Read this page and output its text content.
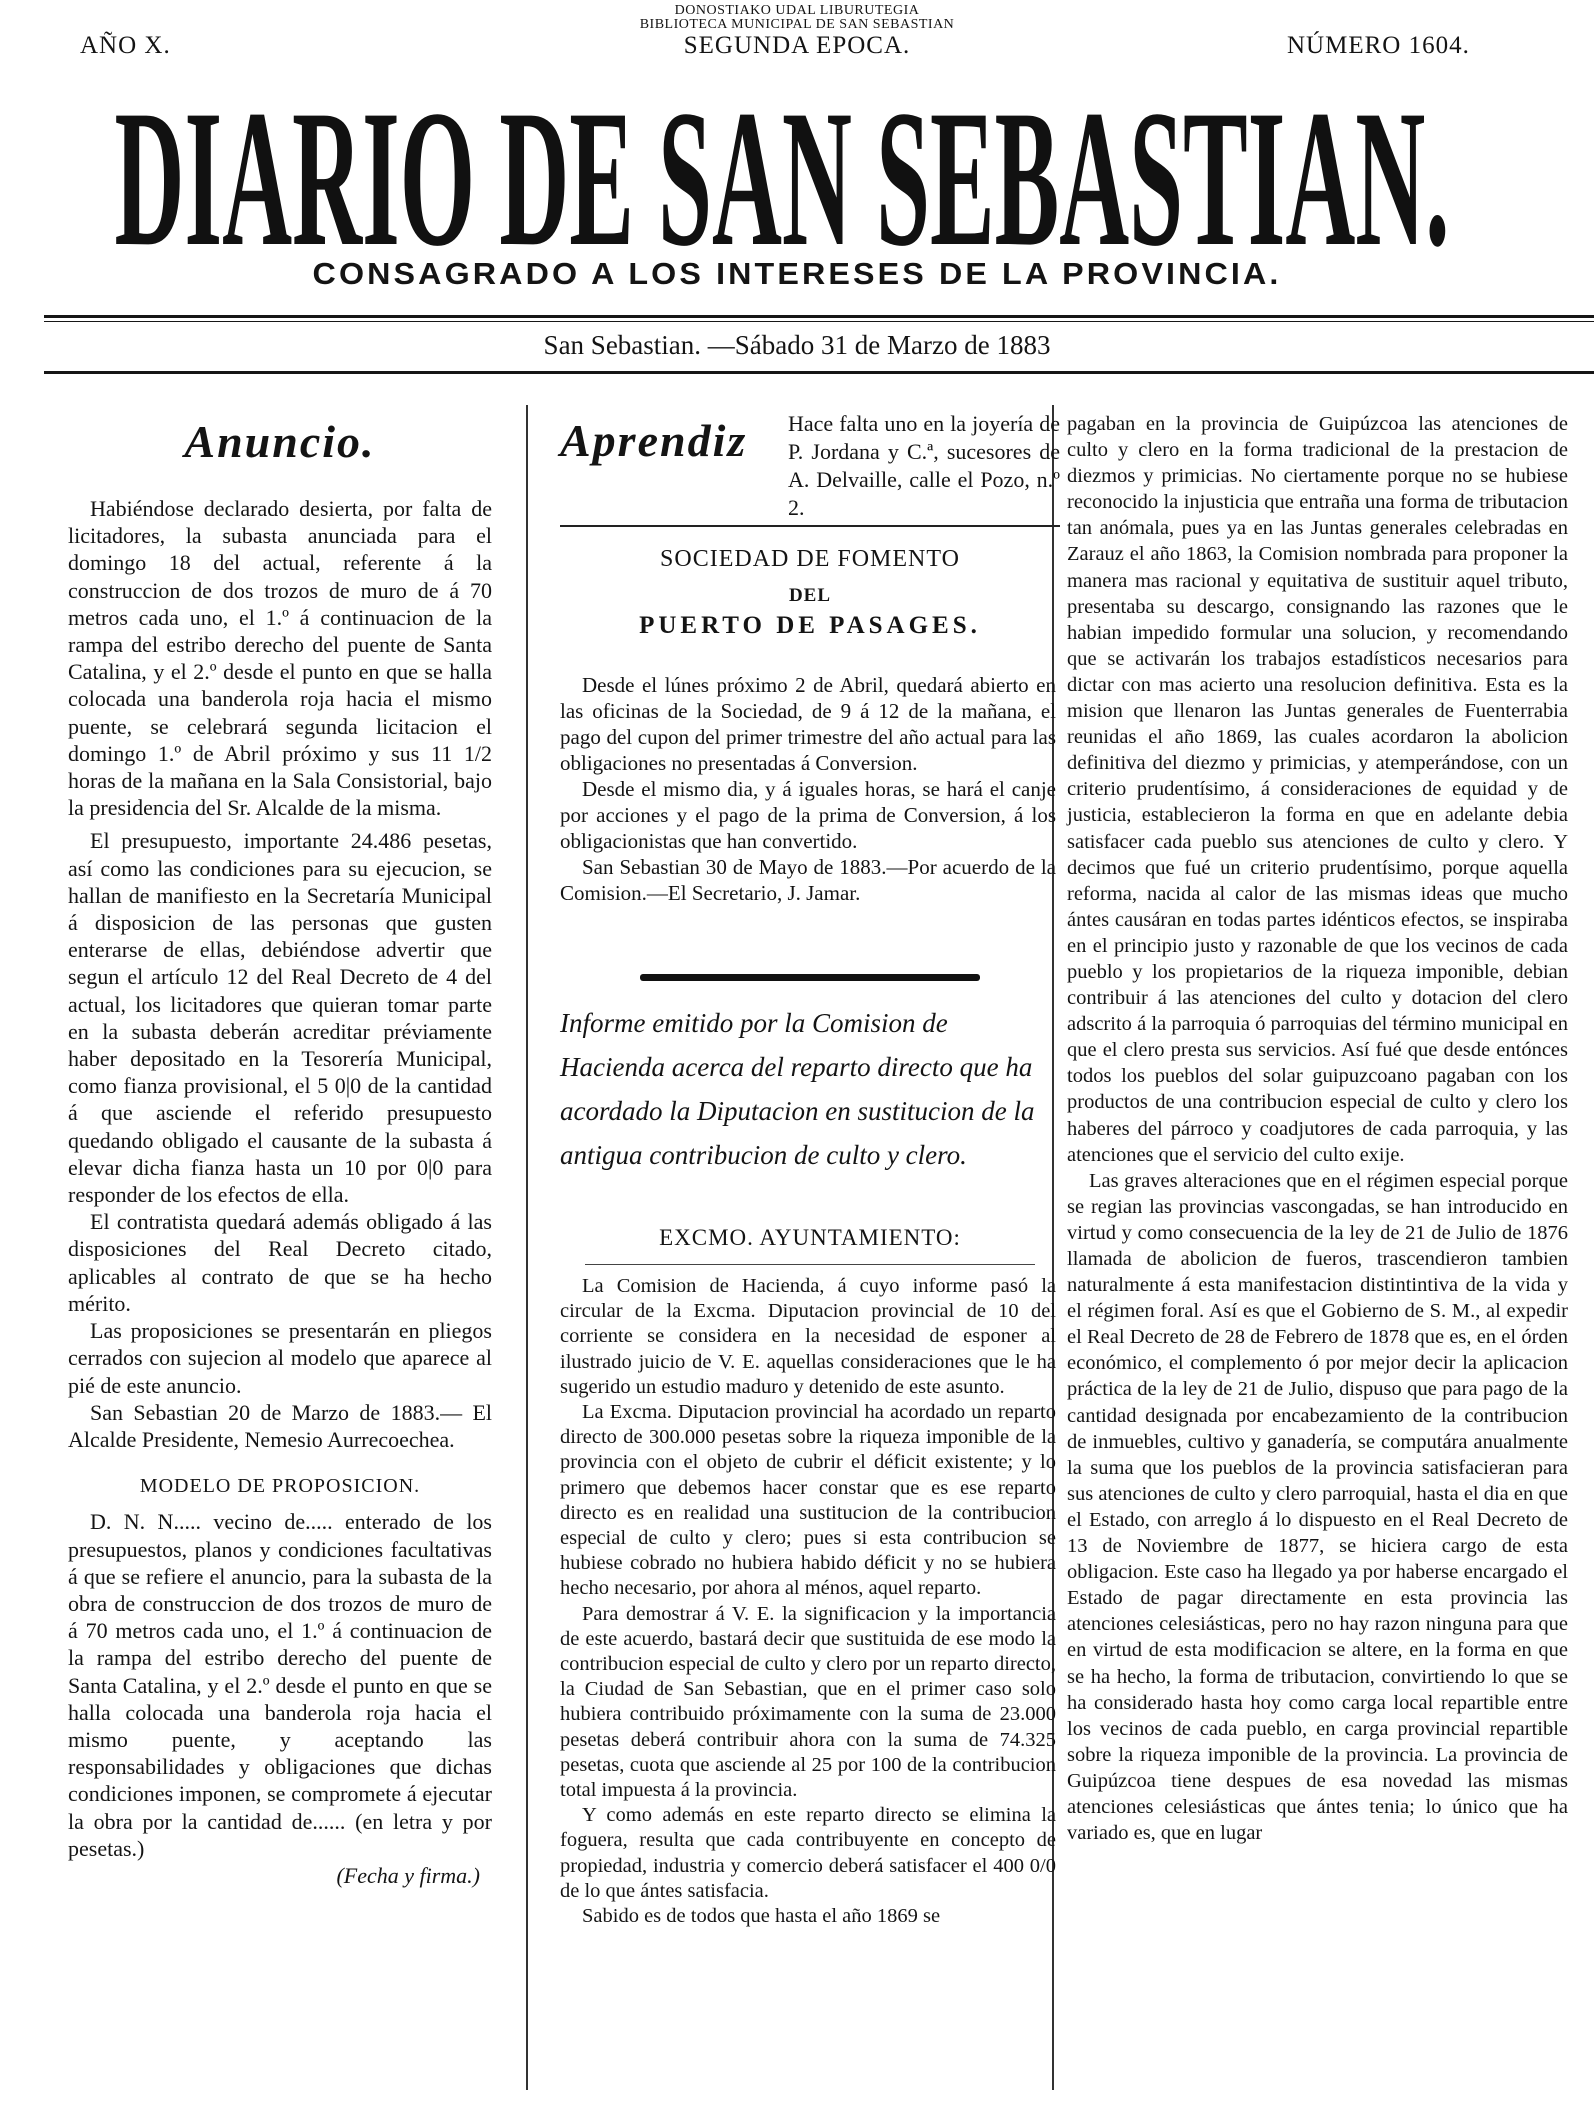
DONOSTIAKO UDAL LIBURUTEGIA
BIBLIOTECA MUNICIPAL DE SAN SEBASTIAN
AÑO X.	SEGUNDA EPOCA.	NÚMERO 1604.
DIARIO DE SAN SEBASTIAN.
CONSAGRADO A LOS INTERESES DE LA PROVINCIA.
San Sebastian. —Sábado 31 de Marzo de 1883
Anuncio.

Habiéndose declarado desierta, por falta de licitadores, la subasta anunciada para el domingo 18 del actual, referente á la construccion de dos trozos de muro de á 70 metros cada uno, el 1.º á continuacion de la rampa del estribo derecho del puente de Santa Catalina, y el 2.º desde el punto en que se halla colocada una banderola roja hacia el mismo puente, se celebrará segunda licitacion el domingo 1.º de Abril próximo y sus 11 1/2 horas de la mañana en la Sala Consistorial, bajo la presidencia del Sr. Alcalde de la misma.

El presupuesto, importante 24.486 pesetas, así como las condiciones para su ejecucion, se hallan de manifiesto en la Secretaría Municipal á disposicion de las personas que gusten enterarse de ellas, debiéndose advertir que segun el artículo 12 del Real Decreto de 4 del actual, los licitadores que quieran tomar parte en la subasta deberán acreditar préviamente haber depositado en la Tesorería Municipal, como fianza provisional, el 5 0|0 de la cantidad á que asciende el referido presupuesto quedando obligado el causante de la subasta á elevar dicha fianza hasta un 10 por 0|0 para responder de los efectos de ella.

El contratista quedará además obligado á las disposiciones del Real Decreto citado, aplicables al contrato de que se ha hecho mérito.

Las proposiciones se presentarán en pliegos cerrados con sujecion al modelo que aparece al pié de este anuncio.

San Sebastian 20 de Marzo de 1883.— El Alcalde Presidente, Nemesio Aurrecoechea.

MODELO DE PROPOSICION.

D. N. N..... vecino de..... enterado de los presupuestos, planos y condiciones facultativas á que se refiere el anuncio, para la subasta de la obra de construccion de dos trozos de muro de á 70 metros cada uno, el 1.º á continuacion de la rampa del estribo derecho del puente de Santa Catalina, y el 2.º desde el punto en que se halla colocada una banderola roja hacia el mismo puente, y aceptando las responsabilidades y obligaciones que dichas condiciones imponen, se compromete á ejecutar la obra por la cantidad de...... (en letra y por pesetas.)

(Fecha y firma.)
Aprendiz Hace falta uno en la joyería de P. Jordana y C.ª, sucesores de A. Delvaille, calle el Pozo, n.º 2.
SOCIEDAD DE FOMENTO
DEL
PUERTO DE PASAGES.

Desde el lúnes próximo 2 de Abril, quedará abierto en las oficinas de la Sociedad, de 9 á 12 de la mañana, el pago del cupon del primer trimestre del año actual para las obligaciones no presentadas á Conversion.

Desde el mismo dia, y á iguales horas, se hará el canje por acciones y el pago de la prima de Conversion, á los obligacionistas que han convertido.

San Sebastian 30 de Mayo de 1883.—Por acuerdo de la Comision.—El Secretario, J. Jamar.

Informe emitido por la Comision de Hacienda acerca del reparto directo que ha acordado la Diputacion en sustitucion de la antigua contribucion de culto y clero.

EXCMO. AYUNTAMIENTO:

La Comision de Hacienda, á cuyo informe pasó la circular de la Excma. Diputacion provincial de 10 del corriente se considera en la necesidad de esponer al ilustrado juicio de V. E. aquellas consideraciones que le ha sugerido un estudio maduro y detenido de este asunto.

La Excma. Diputacion provincial ha acordado un reparto directo de 300.000 pesetas sobre la riqueza imponible de la provincia con el objeto de cubrir el déficit existente; y lo primero que debemos hacer constar que es ese reparto directo es en realidad una sustitucion de la contribucion especial de culto y clero; pues si esta contribucion se hubiese cobrado no hubiera habido déficit y no se hubiera hecho necesario, por ahora al ménos, aquel reparto.

Para demostrar á V. E. la significacion y la importancia de este acuerdo, bastará decir que sustituida de ese modo la contribucion especial de culto y clero por un reparto directo, la Ciudad de San Sebastian, que en el primer caso solo hubiera contribuido próximamente con la suma de 23.000 pesetas deberá contribuir ahora con la suma de 74.325 pesetas, cuota que asciende al 25 por 100 de la contribucion total impuesta á la provincia.

Y como además en este reparto directo se elimina la foguera, resulta que cada contribuyente en concepto de propiedad, industria y comercio deberá satisfacer el 400 0/0 de lo que ántes satisfacia.

Sabido es de todos que hasta el año 1869 se

pagaban en la provincia de Guipúzcoa las atenciones de culto y clero en la forma tradicional de la prestacion de diezmos y primicias. No ciertamente porque no se hubiese reconocido la injusticia que entraña una forma de tributacion tan anómala, pues ya en las Juntas generales celebradas en Zarauz el año 1863, la Comision nombrada para proponer la manera mas racional y equitativa de sustituir aquel tributo, presentaba su descargo, consignando las razones que le habian impedido formular una solucion, y recomendando que se activarán los trabajos estadísticos necesarios para dictar con mas acierto una resolucion definitiva. Esta es la mision que llenaron las Juntas generales de Fuenterrabia reunidas el año 1869, las cuales acordaron la abolicion definitiva del diezmo y primicias, y atemperándose, con un criterio prudentísimo, á consideraciones de equidad y de justicia, establecieron la forma en que en adelante debia satisfacer cada pueblo sus atenciones de culto y clero. Y decimos que fué un criterio prudentísimo, porque aquella reforma, nacida al calor de las mismas ideas que mucho ántes causáran en todas partes idénticos efectos, se inspiraba en el principio justo y razonable de que los vecinos de cada pueblo y los propietarios de la riqueza imponible, debian contribuir á las atenciones del culto y dotacion del clero adscrito á la parroquia ó parroquias del término municipal en que el clero presta sus servicios. Así fué que desde entónces todos los pueblos del solar guipuzcoano pagaban con los productos de una contribucion especial de culto y clero los haberes del párroco y coadjutores de cada parroquia, y las atenciones que el servicio del culto exije.

Las graves alteraciones que en el régimen especial porque se regian las provincias vascongadas, se han introducido en virtud y como consecuencia de la ley de 21 de Julio de 1876 llamada de abolicion de fueros, trascendieron tambien naturalmente á esta manifestacion distintintiva de la vida y el régimen foral. Así es que el Gobierno de S. M., al expedir el Real Decreto de 28 de Febrero de 1878 que es, en el órden económico, el complemento ó por mejor decir la aplicacion práctica de la ley de 21 de Julio, dispuso que para pago de la cantidad designada por encabezamiento de la contribucion de inmuebles, cultivo y ganadería, se computára anualmente la suma que los pueblos de la provincia satisfacieran para sus atenciones de culto y clero parroquial, hasta el dia en que el Estado, con arreglo á lo dispuesto en el Real Decreto de 13 de Noviembre de 1877, se hiciera cargo de esta obligacion. Este caso ha llegado ya por haberse encargado el Estado de pagar directamente en esta provincia las atenciones celesiásticas, pero no hay razon ninguna para que en virtud de esta modificacion se altere, en la forma en que se ha hecho, la forma de tributacion, convirtiendo lo que se ha considerado hasta hoy como carga local repartible entre los vecinos de cada pueblo, en carga provincial repartible sobre la riqueza imponible de la provincia. La provincia de Guipúzcoa tiene despues de esa novedad las mismas atenciones celesiásticas que ántes tenia; lo único que ha variado es, que en lugar
